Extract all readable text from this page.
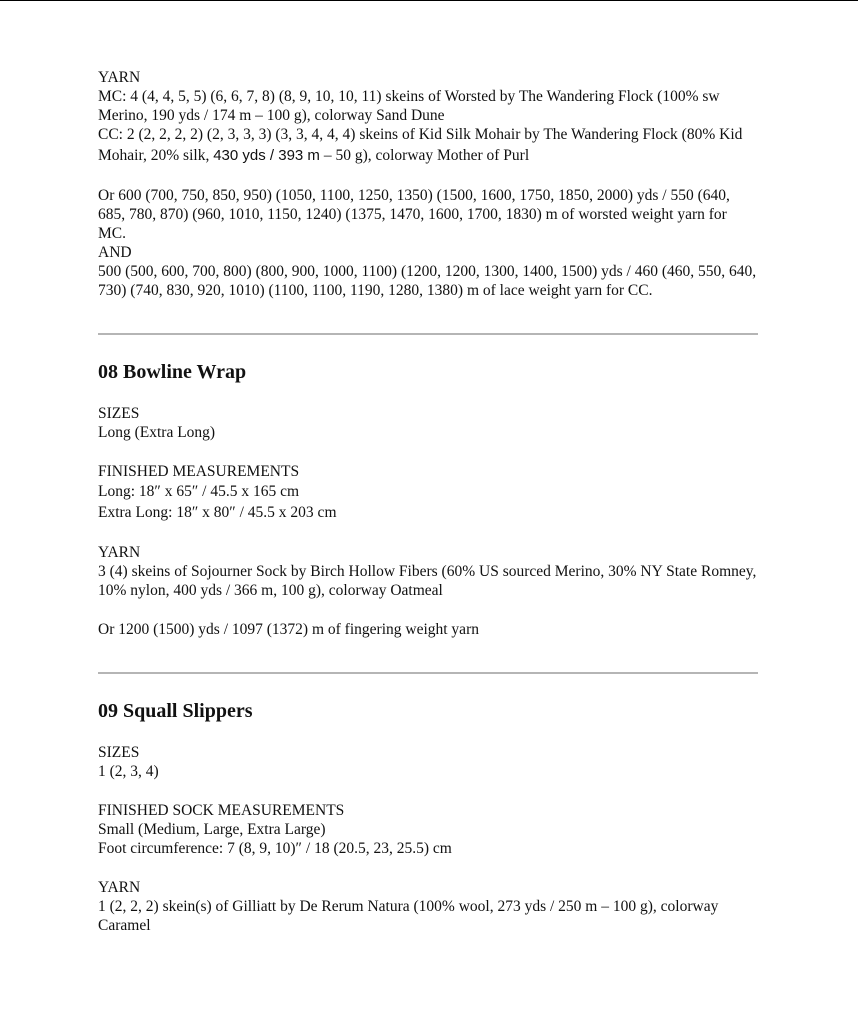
YARN
MC: 4 (4, 4, 5, 5) (6, 6, 7, 8) (8, 9, 10, 10, 11) skeins of Worsted by The Wandering Flock (100% sw
Merino, 190 yds / 174 m – 100 g), colorway Sand Dune
CC: 2 (2, 2, 2, 2) (2, 3, 3, 3) (3, 3, 4, 4, 4) skeins of Kid Silk Mohair by The Wandering Flock (80% Kid
Mohair, 20% silk, 430 yds / 393 m – 50 g), colorway Mother of Purl
Or 600 (700, 750, 850, 950) (1050, 1100, 1250, 1350) (1500, 1600, 1750, 1850, 2000) yds / 550 (640,
685, 780, 870) (960, 1010, 1150, 1240) (1375, 1470, 1600, 1700, 1830) m of worsted weight yarn for
MC.
AND
500 (500, 600, 700, 800) (800, 900, 1000, 1100) (1200, 1200, 1300, 1400, 1500) yds / 460 (460, 550, 640,
730) (740, 830, 920, 1010) (1100, 1100, 1190, 1280, 1380) m of lace weight yarn for CC.
08 Bowline Wrap
SIZES
Long (Extra Long)
FINISHED MEASUREMENTS
Long: 18″ x 65″ / 45.5 x 165 cm
Extra Long: 18″ x 80″ / 45.5 x 203 cm
YARN
3 (4) skeins of Sojourner Sock by Birch Hollow Fibers (60% US sourced Merino, 30% NY State Romney,
10% nylon, 400 yds / 366 m, 100 g), colorway Oatmeal
Or 1200 (1500) yds / 1097 (1372) m of fingering weight yarn
09 Squall Slippers
SIZES
1 (2, 3, 4)
FINISHED SOCK MEASUREMENTS
Small (Medium, Large, Extra Large)
Foot circumference: 7 (8, 9, 10)″ / 18 (20.5, 23, 25.5) cm
YARN
1 (2, 2, 2) skein(s) of Gilliatt by De Rerum Natura (100% wool, 273 yds / 250 m – 100 g), colorway
Caramel
